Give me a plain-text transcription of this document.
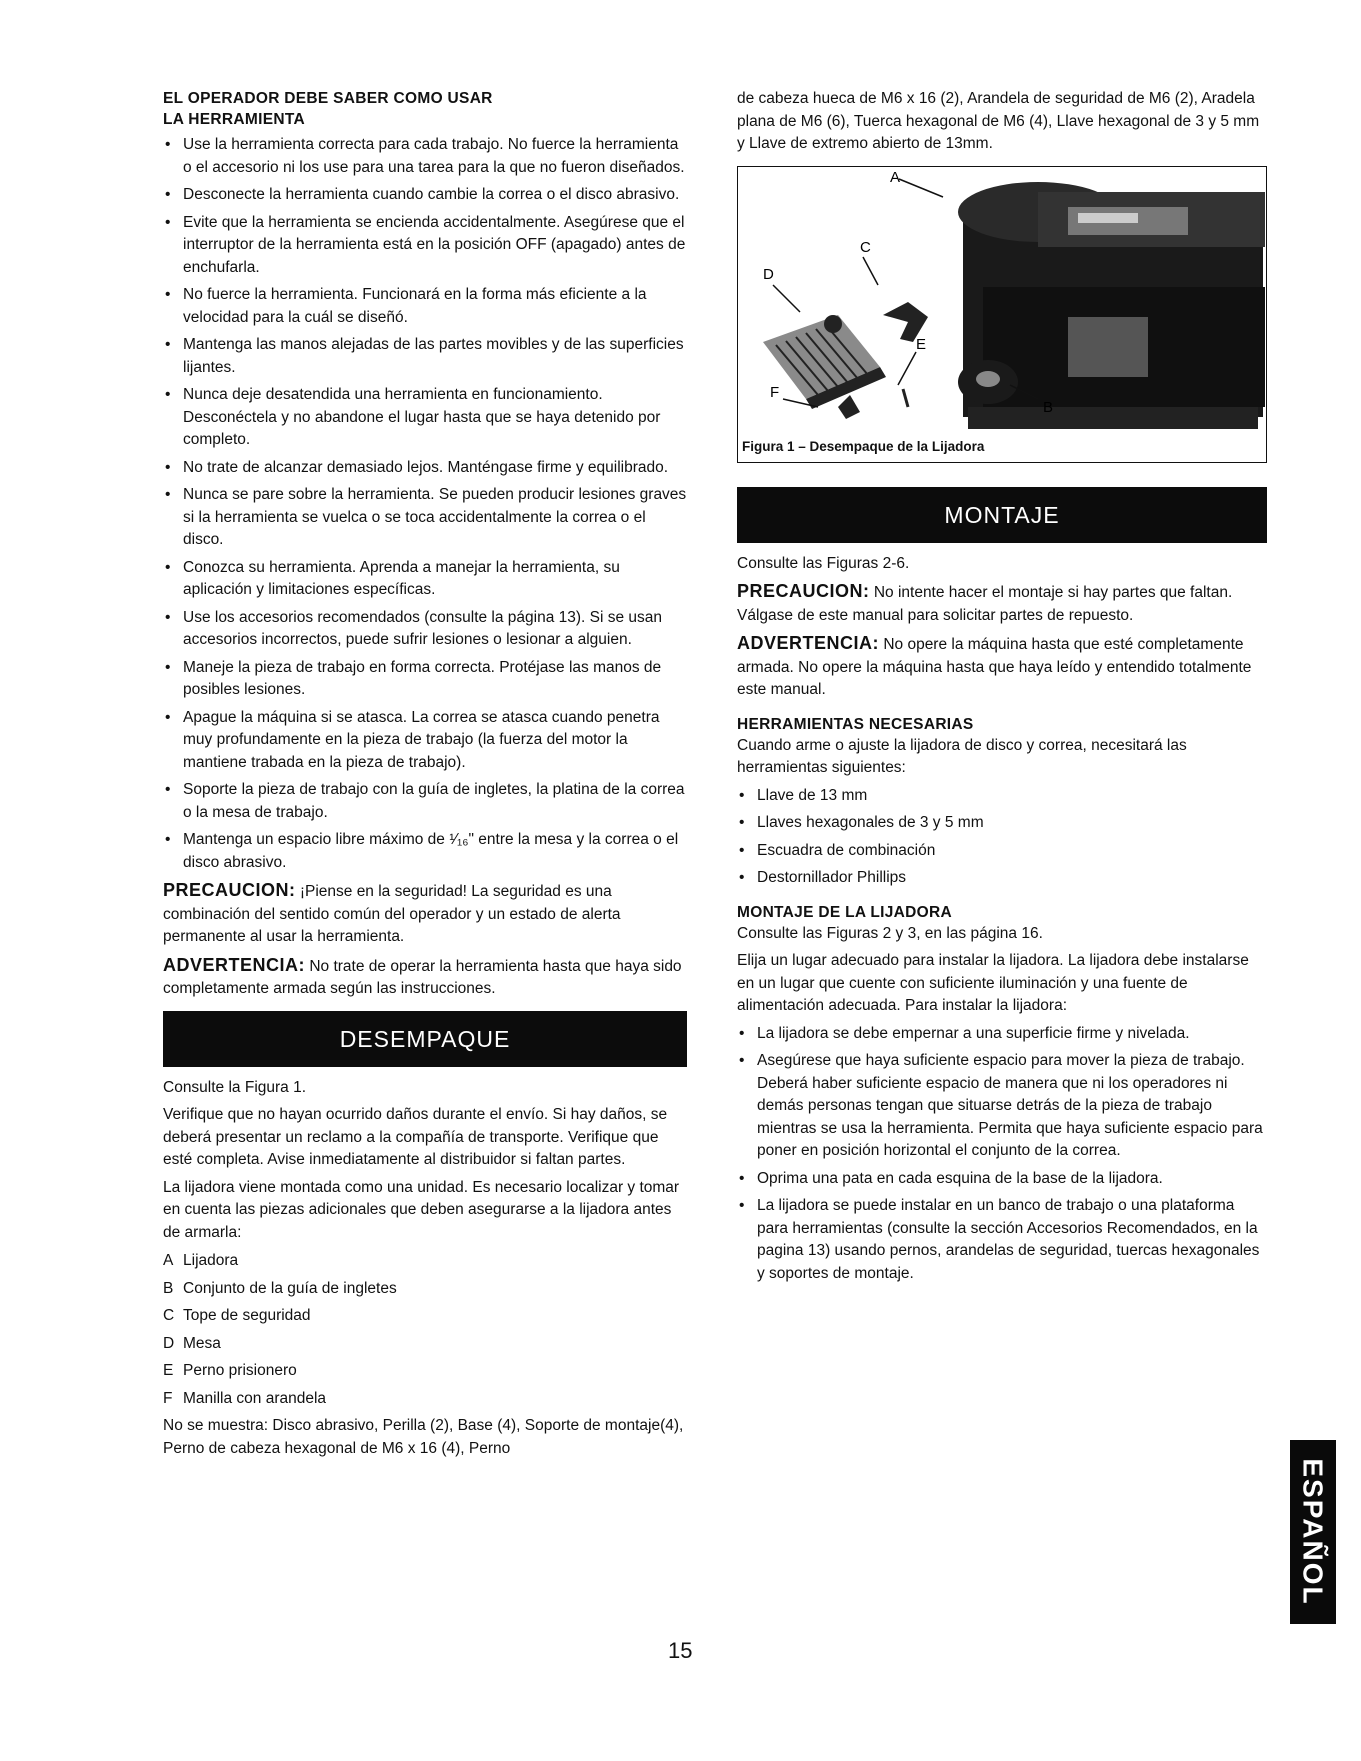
EL OPERADOR DEBE SABER COMO USAR
LA HERRAMIENTA
• Use la herramienta correcta para cada trabajo. No fuerce la herramienta o el accesorio ni los use para una tarea para la que no fueron diseñados.
• Desconecte la herramienta cuando cambie la correa o el disco abrasivo.
• Evite que la herramienta se encienda accidentalmente. Asegúrese que el interruptor de la herramienta está en la posición OFF (apagado) antes de enchufarla.
• No fuerce la herramienta. Funcionará en la forma más eficiente a la velocidad para la cuál se diseñó.
• Mantenga las manos alejadas de las partes movibles y de las superficies lijantes.
• Nunca deje desatendida una herramienta en funcionamiento. Desconéctela y no abandone el lugar hasta que se haya detenido por completo.
• No trate de alcanzar demasiado lejos. Manténgase firme y equilibrado.
• Nunca se pare sobre la herramienta. Se pueden producir lesiones graves si la herramienta se vuelca o se toca accidentalmente la correa o el disco.
• Conozca su herramienta. Aprenda a manejar la herramienta, su aplicación y limitaciones específicas.
• Use los accesorios recomendados (consulte la página 13). Si se usan accesorios incorrectos, puede sufrir lesiones o lesionar a alguien.
• Maneje la pieza de trabajo en forma correcta. Protéjase las manos de posibles lesiones.
• Apague la máquina si se atasca. La correa se atasca cuando penetra muy profundamente en la pieza de trabajo (la fuerza del motor la mantiene trabada en la pieza de trabajo).
• Soporte la pieza de trabajo con la guía de ingletes, la platina de la correa o la mesa de trabajo.
• Mantenga un espacio libre máximo de ¹⁄₁₆" entre la mesa y la correa o el disco abrasivo.

PRECAUCION: ¡Piense en la seguridad! La seguridad es una combinación del sentido común del operador y un estado de alerta permanente al usar la herramienta.

ADVERTENCIA: No trate de operar la herramienta hasta que haya sido completamente armada según las instrucciones.

DESEMPAQUE

Consulte la Figura 1.

Verifique que no hayan ocurrido daños durante el envío. Si hay daños, se deberá presentar un reclamo a la compañía de transporte. Verifique que esté completa. Avise inmediatamente al distribuidor si faltan partes.

La lijadora viene montada como una unidad. Es necesario localizar y tomar en cuenta las piezas adicionales que deben asegurarse a la lijadora antes de armarla:

A Lijadora
B Conjunto de la guía de ingletes
C Tope de seguridad
D Mesa
E Perno prisionero
F Manilla con arandela

No se muestra: Disco abrasivo, Perilla (2), Base (4), Soporte de montaje(4), Perno de cabeza hexagonal de M6 x 16 (4), Perno

de cabeza hueca de M6 x 16 (2), Arandela de seguridad de M6 (2), Aradela plana de M6 (6), Tuerca hexagonal de M6 (4), Llave hexagonal de 3 y 5 mm y Llave de extremo abierto de 13mm.

A
B
C
D
E
F
Figura 1 – Desempaque de la Lijadora
MONTAJE

Consulte las Figuras 2-6.

PRECAUCION: No intente hacer el montaje si hay partes que faltan. Válgase de este manual para solicitar partes de repuesto.

ADVERTENCIA: No opere la máquina hasta que esté completamente armada. No opere la máquina hasta que haya leído y entendido totalmente este manual.

HERRAMIENTAS NECESARIAS

Cuando arme o ajuste la lijadora de disco y correa, necesitará las herramientas siguientes:

• Llave de 13 mm
• Llaves hexagonales de 3 y 5 mm
• Escuadra de combinación
• Destornillador Phillips
MONTAJE DE LA LIJADORA

Consulte las Figuras 2 y 3, en las página 16.

Elija un lugar adecuado para instalar la lijadora. La lijadora debe instalarse en un lugar que cuente con suficiente iluminación y una fuente de alimentación adecuada. Para instalar la lijadora:

• La lijadora se debe empernar a una superficie firme y nivelada.
• Asegúrese que haya suficiente espacio para mover la pieza de trabajo. Deberá haber suficiente espacio de manera que ni los operadores ni demás personas tengan que situarse detrás de la pieza de trabajo mientras se usa la herramienta. Permita que haya suficiente espacio para poner en posición horizontal el conjunto de la correa.
• Oprima una pata en cada esquina de la base de la lijadora.
• La lijadora se puede instalar en un banco de trabajo o una plataforma para herramientas (consulte la sección Accesorios Recomendados, en la pagina 13) usando pernos, arandelas de seguridad, tuercas hexagonales y soportes de montaje.
15
ESPAÑOL
